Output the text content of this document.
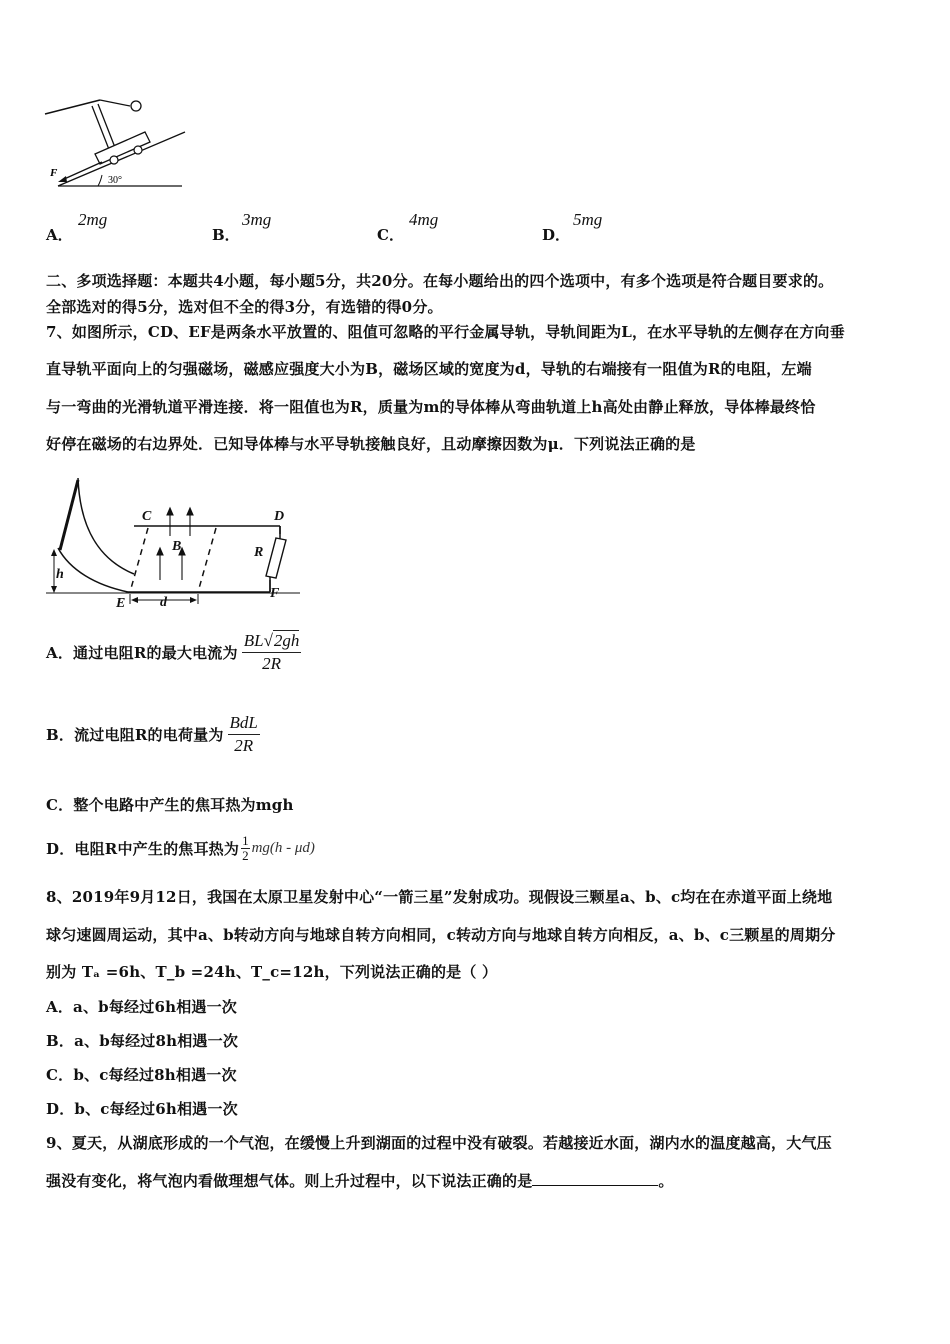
F
30°
A．
2mg
B．
3mg
C．
4mg
D．
5mg
二、多项选择题：本题共4小题，每小题5分，共20分。在每小题给出的四个选项中，有多个选项是符合题目要求的。
全部选对的得5分，选对但不全的得3分，有选错的得0分。
7、如图所示，CD、EF是两条水平放置的、阻值可忽略的平行金属导轨，导轨间距为L，在水平导轨的左侧存在方向垂
直导轨平面向上的匀强磁场，磁感应强度大小为B，磁场区域的宽度为d，导轨的右端接有一阻值为R的电阻，左端
与一弯曲的光滑轨道平滑连接．将一阻值也为R，质量为m的导体棒从弯曲轨道上h高处由静止释放，导体棒最终恰
好停在磁场的右边界处．已知导体棒与水平导轨接触良好，且动摩擦因数为μ．下列说法正确的是
C	D
E
F
B	R
h
d
A．通过电阻R的最大电流为 $\frac{BL√2gh}{2R}$
B．流过电阻R的电荷量为 $\frac{\text{BdL}}{2R}$
C．整个电路中产生的焦耳热为mgh
D．电阻R中产生的焦耳热为 $\frac{1}{2} mg(h - \mu d)$
8、2019年9月12日，我国在太原卫星发射中心“一箭三星”发射成功。现假设三颗星a、b、c均在在赤道平面上绕地
球匀速圆周运动，其中a、b转动方向与地球自转方向相同，c转动方向与地球自转方向相反，a、b、c三颗星的周期分
别为 Tₐ =6h、T_b =24h、T_c=12h，下列说法正确的是（ ）
A．a、b每经过6h相遇一次
B．a、b每经过8h相遇一次
C．b、c每经过8h相遇一次
D．b、c每经过6h相遇一次
9、夏天，从湖底形成的一个气泡，在缓慢上升到湖面的过程中没有破裂。若越接近水面，湖内水的温度越高，大气压
强没有变化，将气泡内看做理想气体。则上升过程中，以下说法正确的是	。
